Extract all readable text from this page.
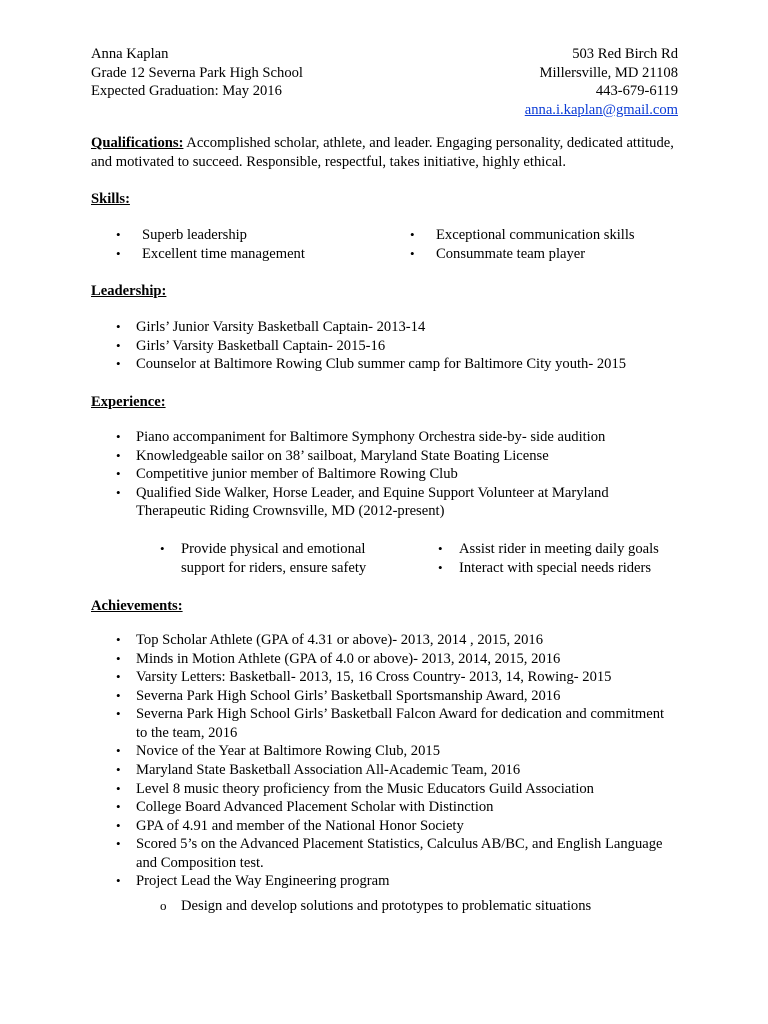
Anna Kaplan
Grade 12 Severna Park High School
Expected Graduation: May 2016
503 Red Birch Rd
Millersville, MD 21108
443-679-6119
anna.i.kaplan@gmail.com
Qualifications: Accomplished scholar, athlete, and leader. Engaging personality, dedicated attitude, and motivated to succeed. Responsible, respectful, takes initiative, highly ethical.
Skills:
• Superb leadership
• Excellent time management
• Exceptional communication skills
• Consummate team player
Leadership:
• Girls’ Junior Varsity Basketball Captain- 2013-14
• Girls’ Varsity Basketball Captain- 2015-16
• Counselor at Baltimore Rowing Club summer camp for Baltimore City youth- 2015
Experience:
• Piano accompaniment for Baltimore Symphony Orchestra side-by- side audition
• Knowledgeable sailor on 38’ sailboat, Maryland State Boating License
• Competitive junior member of Baltimore Rowing Club
• Qualified Side Walker, Horse Leader, and Equine Support Volunteer at Maryland Therapeutic Riding Crownsville, MD (2012-present)
• Provide physical and emotional support for riders, ensure safety
• Assist rider in meeting daily goals
• Interact with special needs riders
Achievements:
• Top Scholar Athlete (GPA of 4.31 or above)- 2013, 2014 , 2015, 2016
• Minds in Motion Athlete (GPA of 4.0 or above)- 2013, 2014, 2015, 2016
• Varsity Letters: Basketball- 2013, 15, 16 Cross Country- 2013, 14, Rowing- 2015
• Severna Park High School Girls’ Basketball Sportsmanship Award, 2016
• Severna Park High School Girls’ Basketball Falcon Award for dedication and commitment to the team, 2016
• Novice of the Year at Baltimore Rowing Club, 2015
• Maryland State Basketball Association All-Academic Team, 2016
• Level 8 music theory proficiency from the Music Educators Guild Association
• College Board Advanced Placement Scholar with Distinction
• GPA of 4.91 and member of the National Honor Society
• Scored 5’s on the Advanced Placement Statistics, Calculus AB/BC, and English Language and Composition test.
• Project Lead the Way Engineering program
o Design and develop solutions and prototypes to problematic situations
